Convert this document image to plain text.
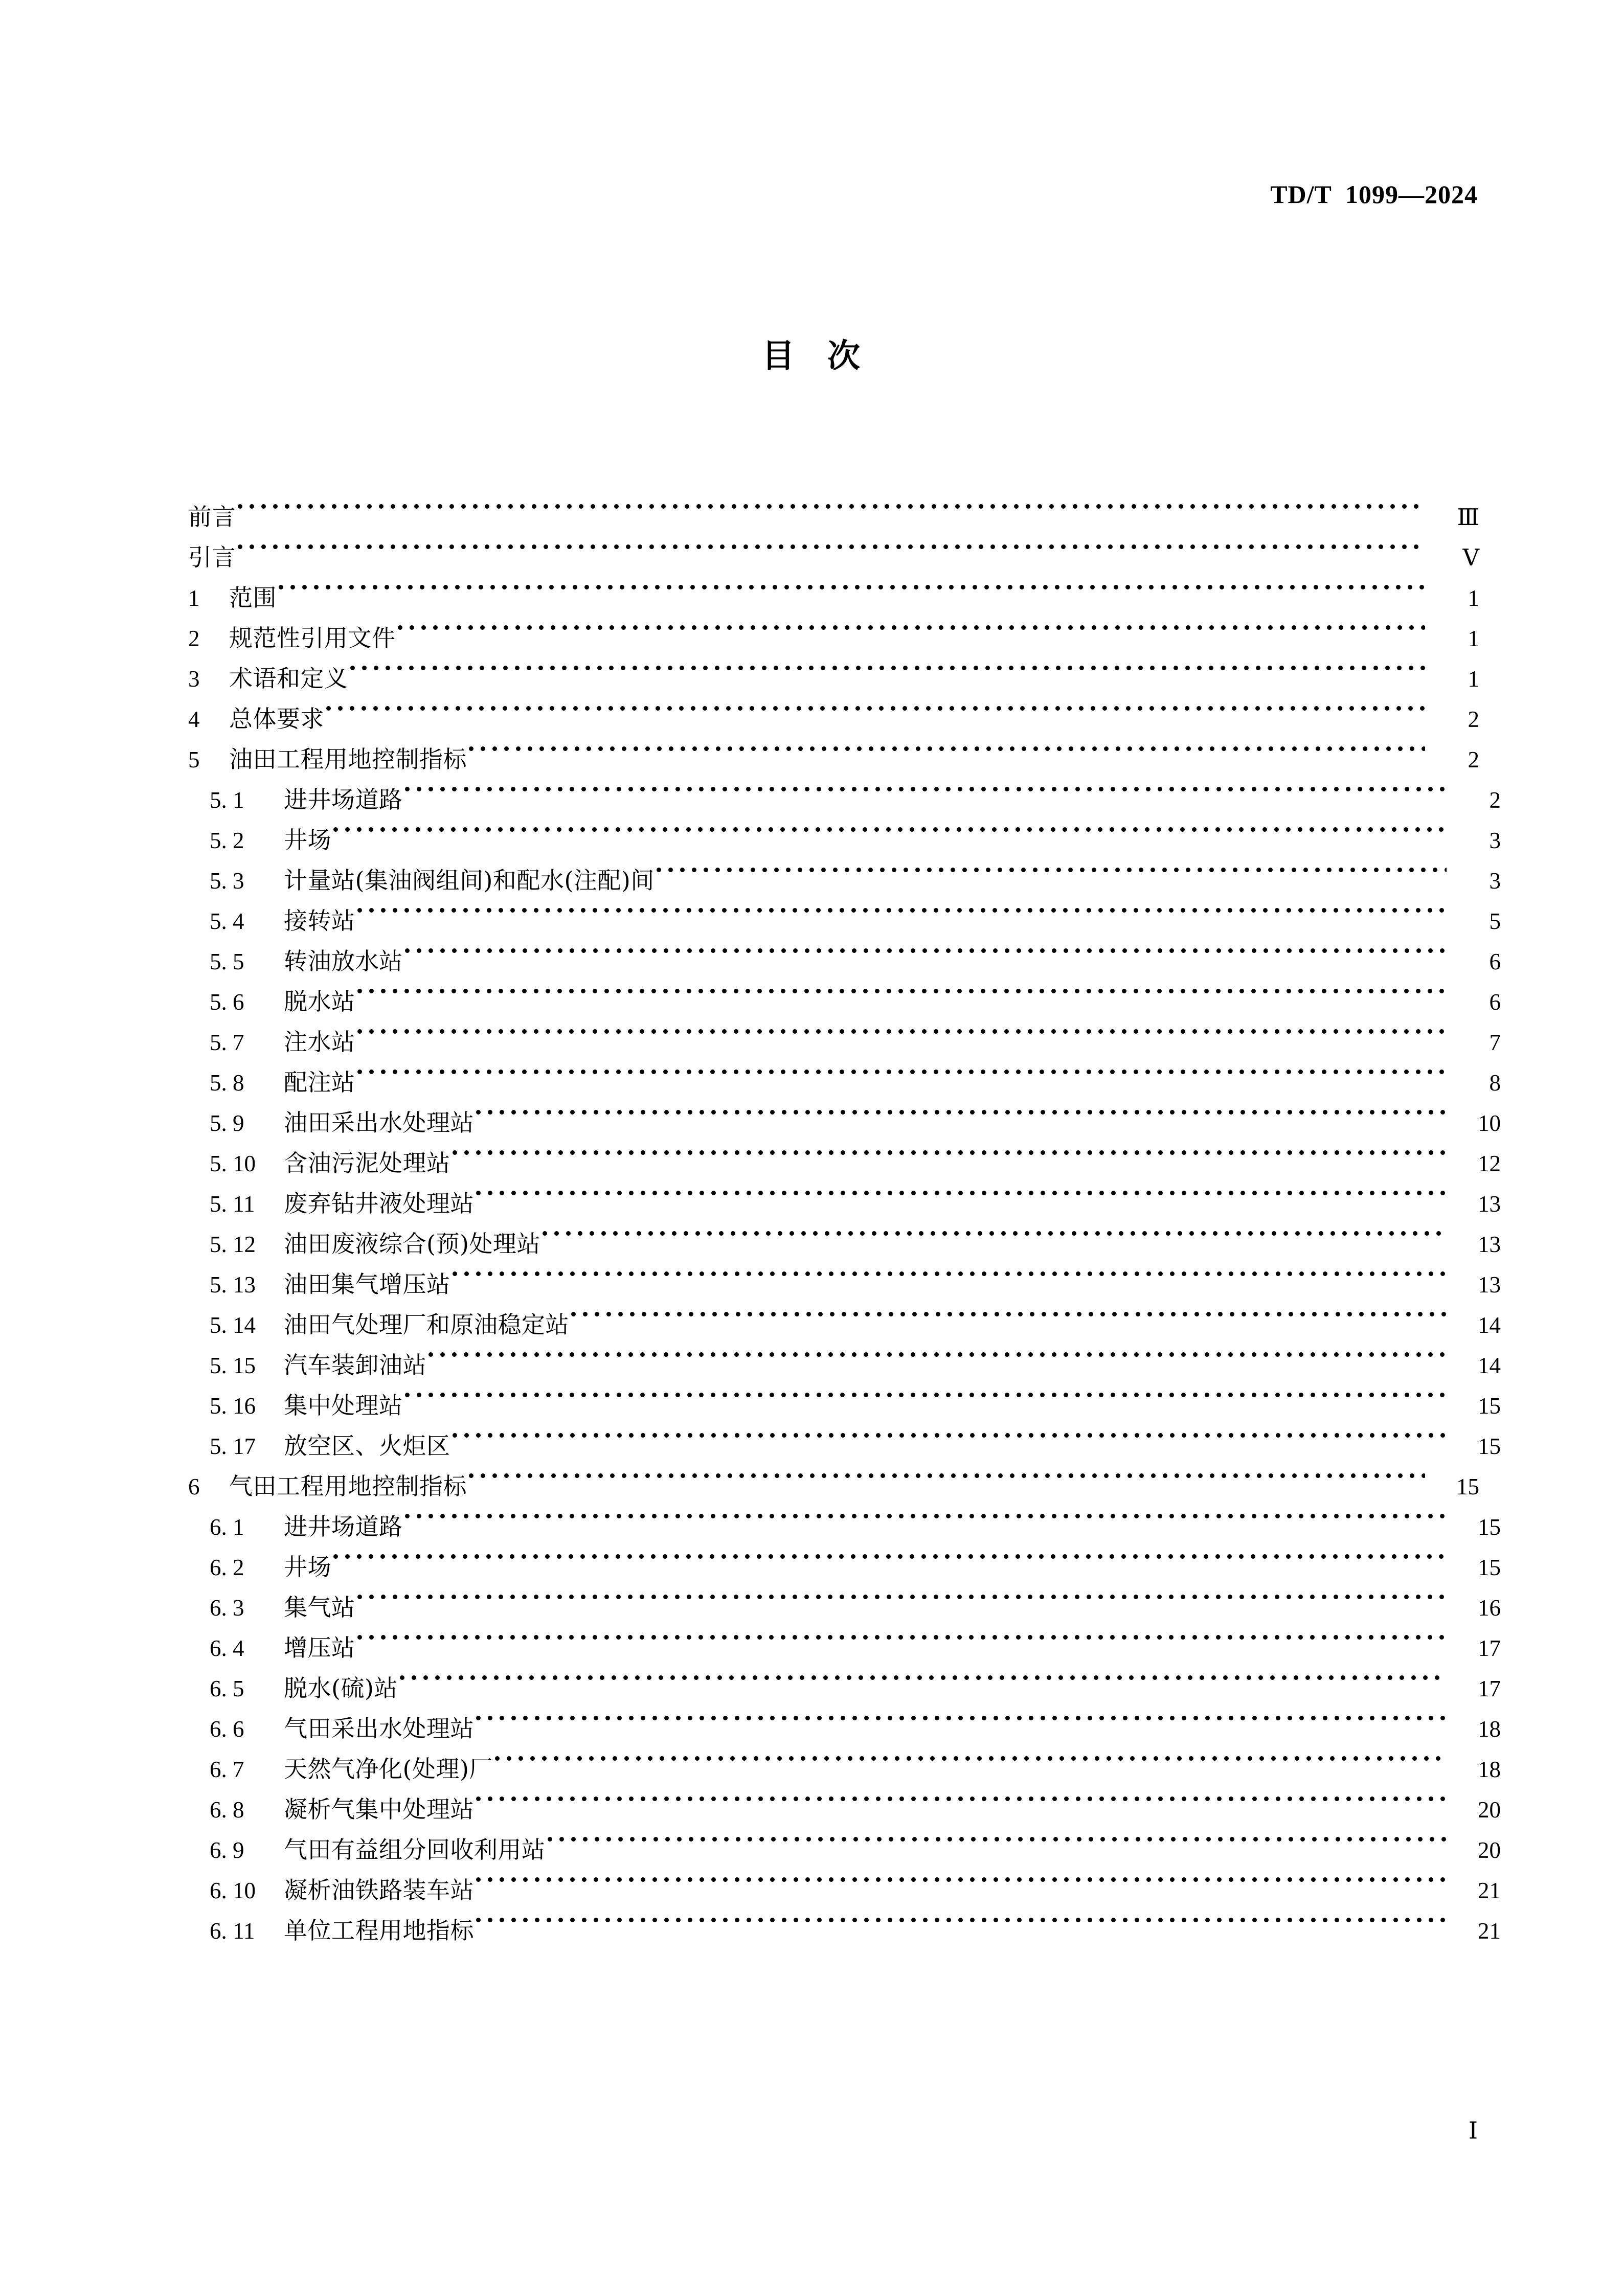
TD/T  1099—2024
目 次
前言	Ⅲ
引言	Ⅴ
1	范围	1
2	规范性引用文件	1
3	术语和定义	1
4	总体要求	2
5	油田工程用地控制指标	2
5. 1	进井场道路	2
5. 2	井场	3
5. 3	计量站(集油阀组间)和配水(注配)间	3
5. 4	接转站	5
5. 5	转油放水站	6
5. 6	脱水站	6
5. 7	注水站	7
5. 8	配注站	8
5. 9	油田采出水处理站	10
5. 10	含油污泥处理站	12
5. 11	废弃钻井液处理站	13
5. 12	油田废液综合(预)处理站	13
5. 13	油田集气增压站	13
5. 14	油田气处理厂和原油稳定站	14
5. 15	汽车装卸油站	14
5. 16	集中处理站	15
5. 17	放空区、火炬区	15
6	气田工程用地控制指标	15
6. 1	进井场道路	15
6. 2	井场	15
6. 3	集气站	16
6. 4	增压站	17
6. 5	脱水(硫)站	17
6. 6	气田采出水处理站	18
6. 7	天然气净化(处理)厂	18
6. 8	凝析气集中处理站	20
6. 9	气田有益组分回收利用站	20
6. 10	凝析油铁路装车站	21
6. 11	单位工程用地指标	21
Ⅰ
